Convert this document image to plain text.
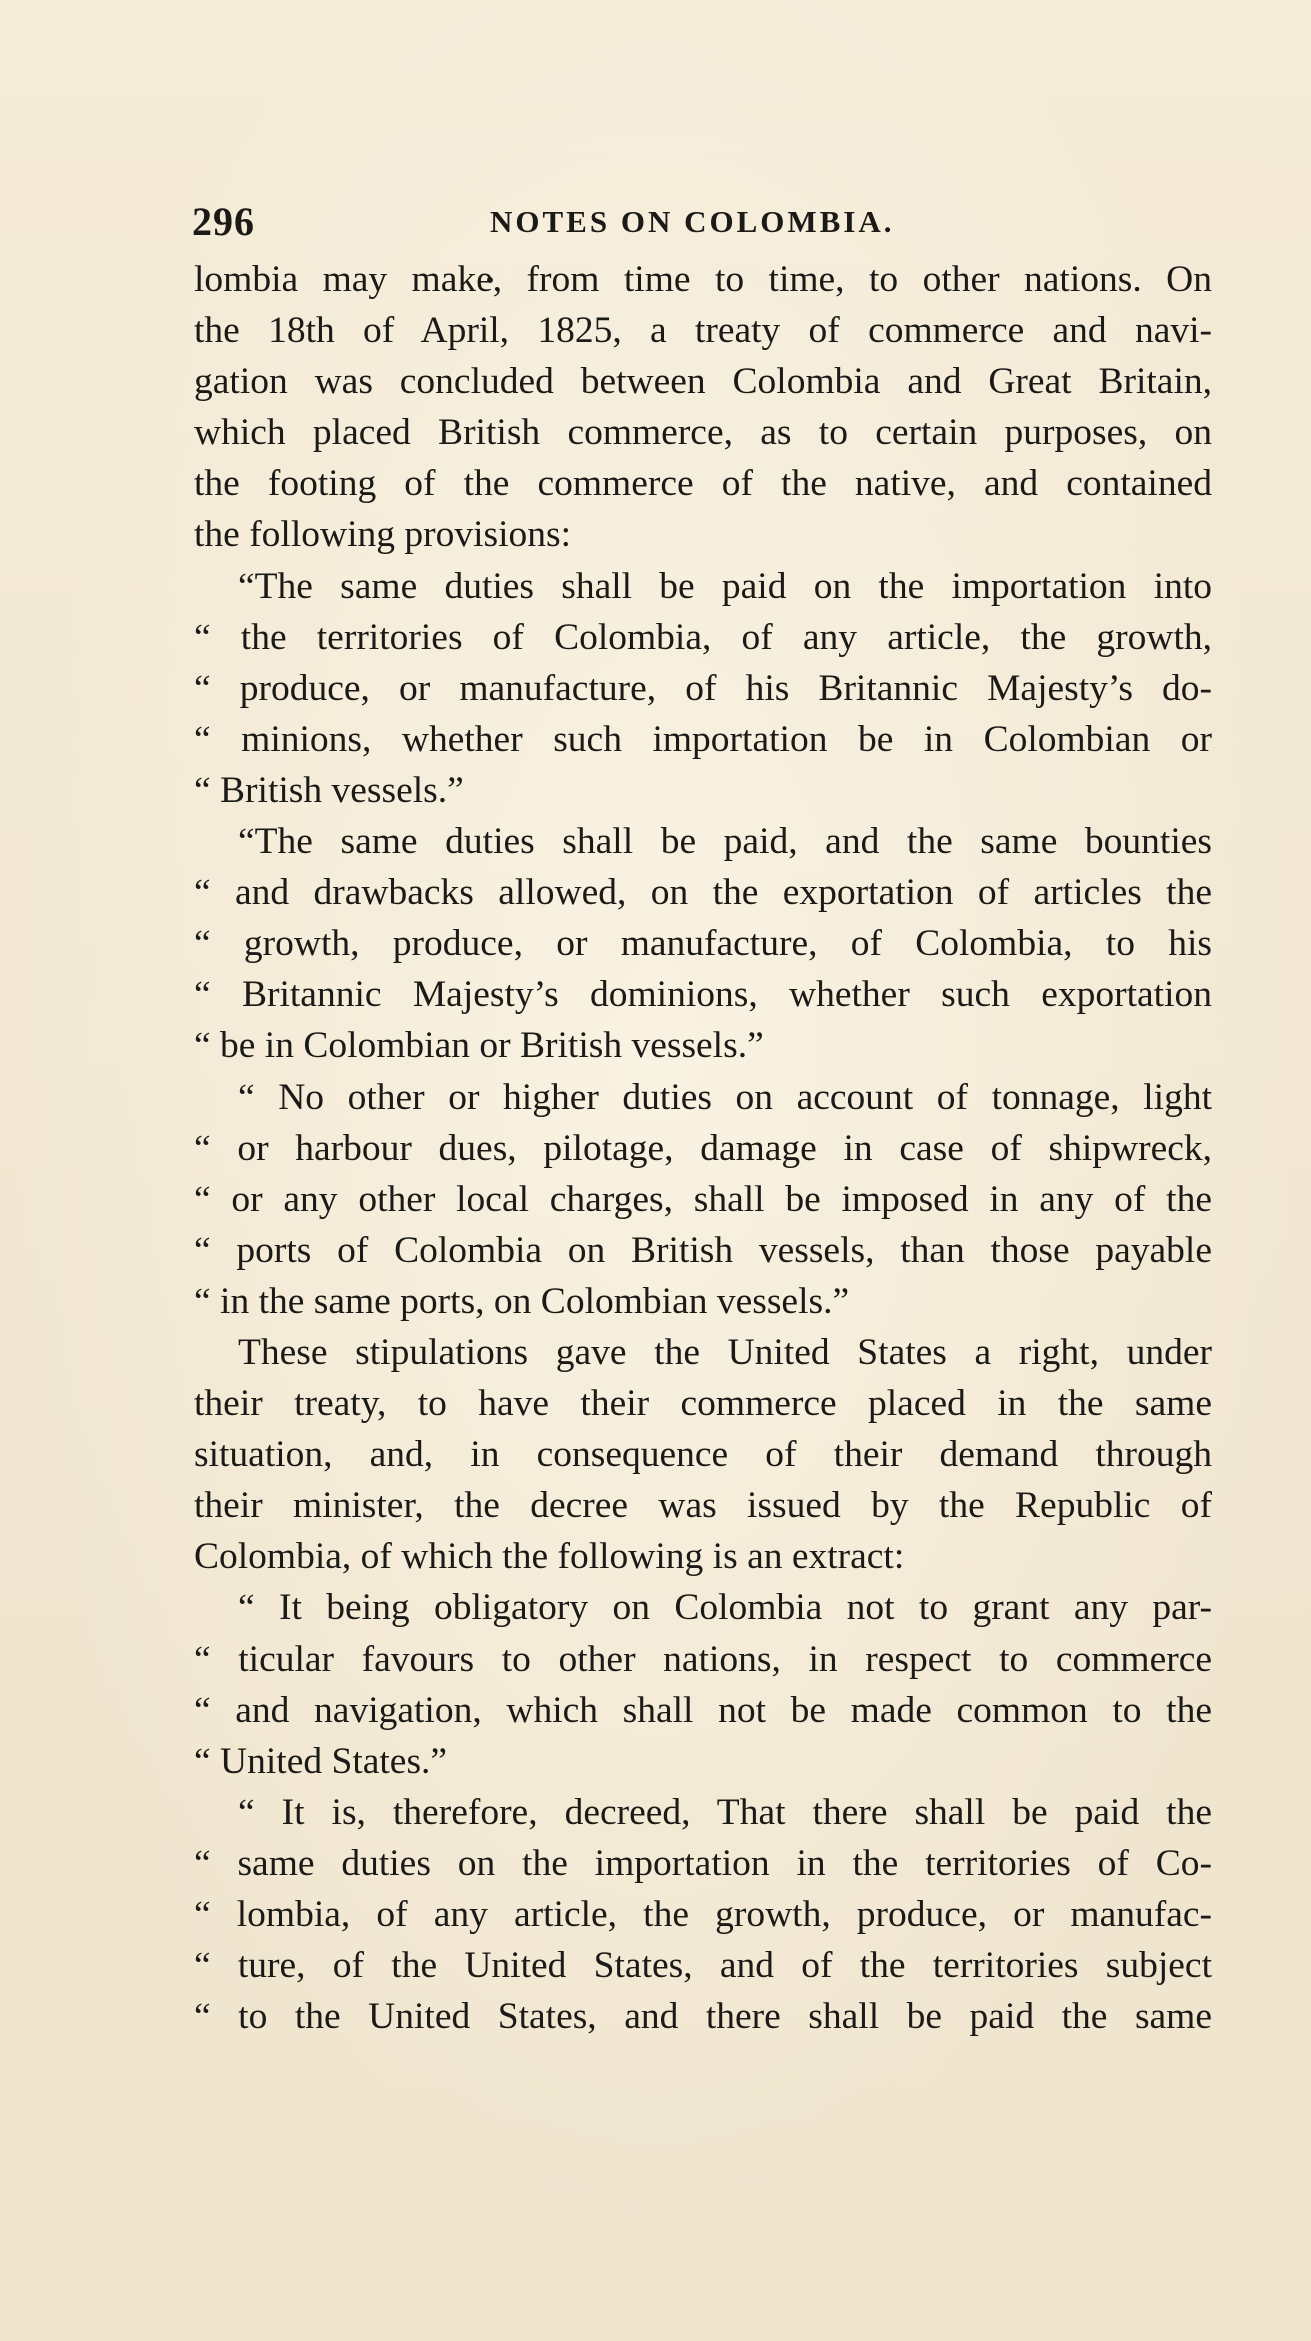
296	NOTES ON COLOMBIA.
lombia may make, from time to time, to other nations. On
the 18th of April, 1825, a treaty of commerce and navi-
gation was concluded between Colombia and Great Britain,
which placed British commerce, as to certain purposes, on
the footing of the commerce of the native, and contained
the following provisions:
“The same duties shall be paid on the importation into
“ the territories of Colombia, of any article, the growth,
“ produce, or manufacture, of his Britannic Majesty’s do-
“ minions, whether such importation be in Colombian or
“ British vessels.”
“The same duties shall be paid, and the same bounties
“ and drawbacks allowed, on the exportation of articles the
“ growth, produce, or manufacture, of Colombia, to his
“ Britannic Majesty’s dominions, whether such exportation
“ be in Colombian or British vessels.”
“ No other or higher duties on account of tonnage, light
“ or harbour dues, pilotage, damage in case of shipwreck,
“ or any other local charges, shall be imposed in any of the
“ ports of Colombia on British vessels, than those payable
“ in the same ports, on Colombian vessels.”
These stipulations gave the United States a right, under
their treaty, to have their commerce placed in the same
situation, and, in consequence of their demand through
their minister, the decree was issued by the Republic of
Colombia, of which the following is an extract:
“ It being obligatory on Colombia not to grant any par-
“ ticular favours to other nations, in respect to commerce
“ and navigation, which shall not be made common to the
“ United States.”
“ It is, therefore, decreed, That there shall be paid the
“ same duties on the importation in the territories of Co-
“ lombia, of any article, the growth, produce, or manufac-
“ ture, of the United States, and of the territories subject
“ to the United States, and there shall be paid the same
